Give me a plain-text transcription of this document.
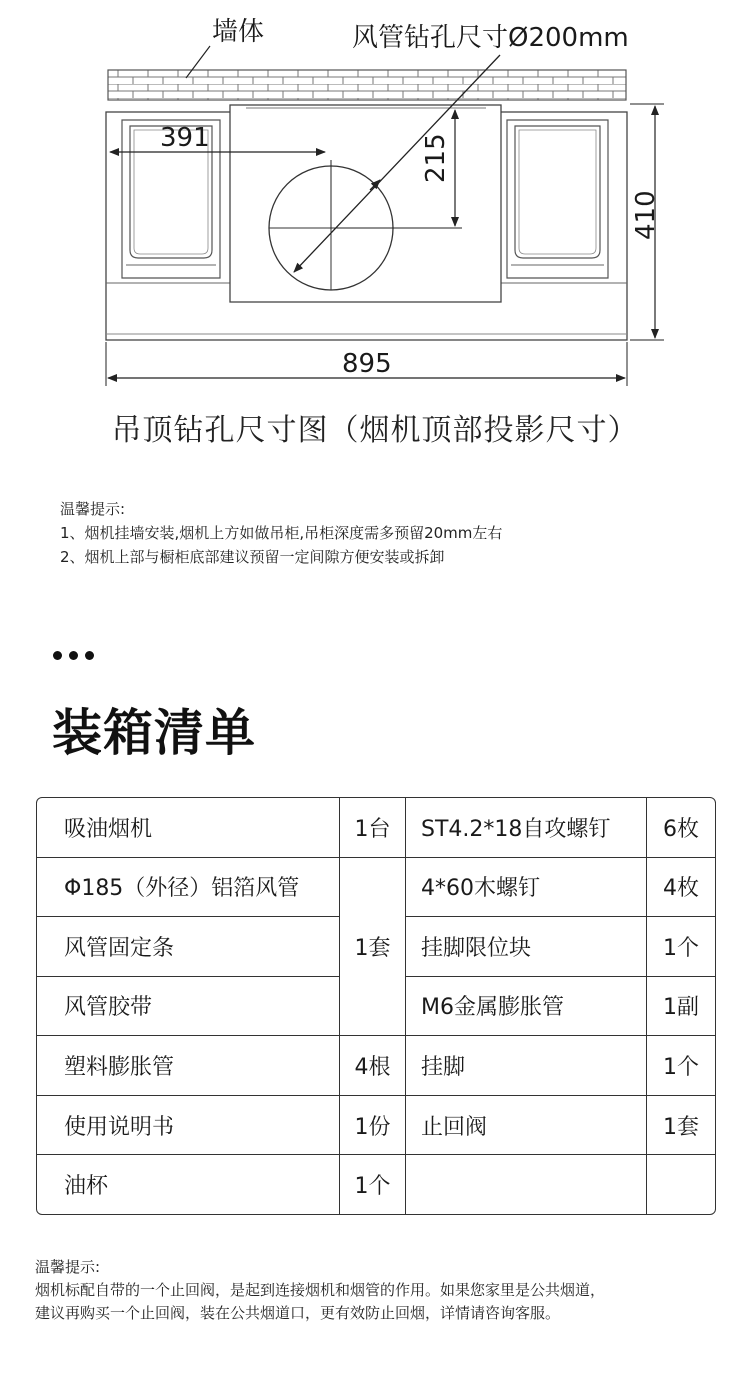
风管钻孔尺寸Ø200mm
墙体
391	215
410
895
吊顶钻孔尺寸图（烟机顶部投影尺寸）
温馨提示:
1、烟机挂墙安装,烟机上方如做吊柜,吊柜深度需多预留20mm左右
2、烟机上部与橱柜底部建议预留一定间隙方便安装或拆卸
装箱清单
吸油烟机	1台	ST4.2*18自攻螺钉	6枚
Φ185（外径）铝箔风管	1套	4*60木螺钉	4枚
风管固定条		挂脚限位块	1个
风管胶带		M6金属膨胀管	1副
塑料膨胀管	4根	挂脚	1个
使用说明书	1份	止回阀	1套
油杯	1个		
温馨提示:
烟机标配自带的一个止回阀，是起到连接烟机和烟管的作用。如果您家里是公共烟道，
建议再购买一个止回阀，装在公共烟道口，更有效防止回烟，详情请咨询客服。
